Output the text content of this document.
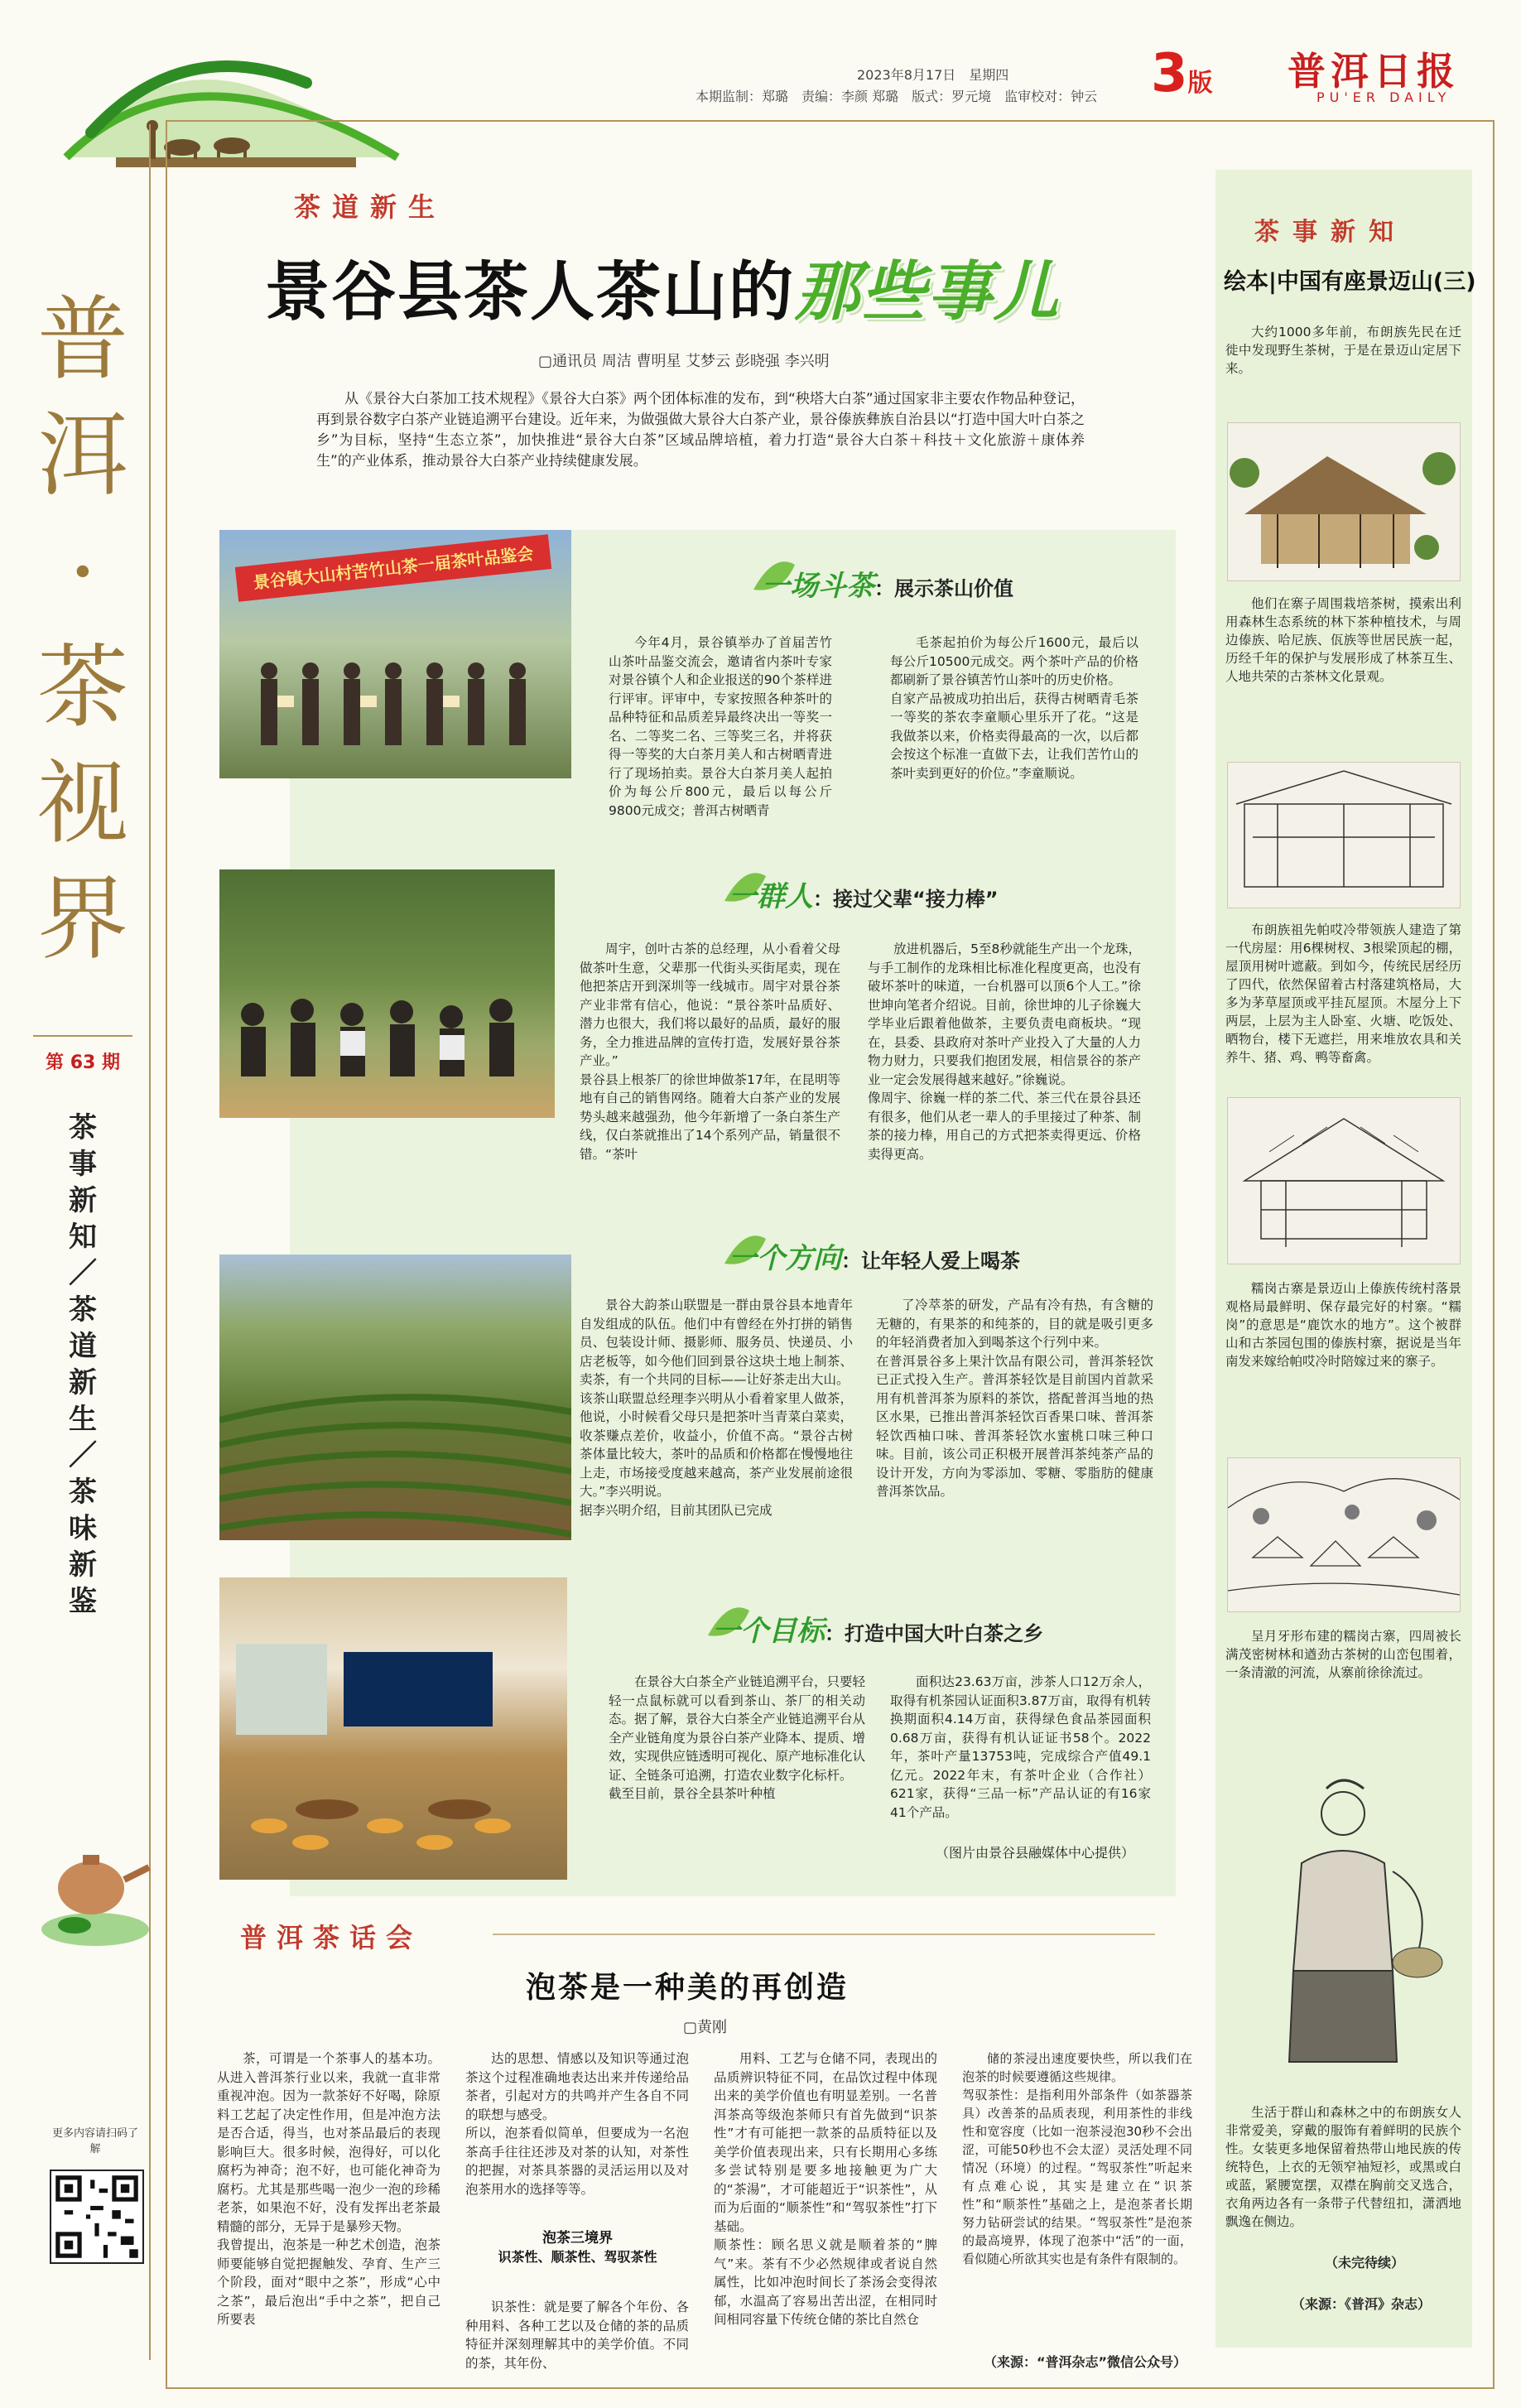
2023年8月17日　星期四
本期监制：郑璐　责编：李颜 郑璐　版式：罗元境　监审校对：钟云 3版 普洱日报
PU'ER DAILY
普
洱
·
茶
视
界
第 63 期
茶事新知／茶道新生／茶味新鉴
更多内容请扫码了解
茶道新生
景谷县茶人茶山的那些事儿
▢通讯员 周洁 曹明星 艾梦云 彭晓强 李兴明
从《景谷大白茶加工技术规程》《景谷大白茶》两个团体标准的发布，到“秧塔大白茶”通过国家非主要农作物品种登记，再到景谷数字白茶产业链追溯平台建设。近年来，为做强做大景谷大白茶产业，景谷傣族彝族自治县以“打造中国大叶白茶之乡”为目标，坚持“生态立茶”，加快推进“景谷大白茶”区域品牌培植，着力打造“景谷大白茶＋科技＋文化旅游＋康体养生”的产业体系，推动景谷大白茶产业持续健康发展。
景谷镇大山村苦竹山茶一届茶叶品鉴会	一场斗茶：展示茶山价值
今年4月，景谷镇举办了首届苦竹山茶叶品鉴交流会，邀请省内茶叶专家对景谷镇个人和企业报送的90个茶样进行评审。评审中，专家按照各种茶叶的品种特征和品质差异最终决出一等奖一名、二等奖二名、三等奖三名，并将获得一等奖的大白茶月美人和古树晒青进行了现场拍卖。景谷大白茶月美人起拍价为每公斤800元，最后以每公斤9800元成交；普洱古树晒青
毛茶起拍价为每公斤1600元，最后以每公斤10500元成交。两个茶叶产品的价格都刷新了景谷镇苦竹山茶叶的历史价格。
自家产品被成功拍出后，获得古树晒青毛茶一等奖的茶农李童顺心里乐开了花。“这是我做茶以来，价格卖得最高的一次，以后都会按这个标准一直做下去，让我们苦竹山的茶叶卖到更好的价位。”李童顺说。
一群人：接过父辈“接力棒”
周宇，创叶古茶的总经理，从小看着父母做茶叶生意，父辈那一代街头买街尾卖，现在他把茶店开到深圳等一线城市。周宇对景谷茶产业非常有信心，他说：“景谷茶叶品质好、潜力也很大，我们将以最好的品质，最好的服务，全力推进品牌的宣传打造，发展好景谷茶产业。”
景谷县上根茶厂的徐世坤做茶17年，在昆明等地有自己的销售网络。随着大白茶产业的发展势头越来越强劲，他今年新增了一条白茶生产线，仅白茶就推出了14个系列产品，销量很不错。“茶叶
放进机器后，5至8秒就能生产出一个龙珠，与手工制作的龙珠相比标准化程度更高，也没有破坏茶叶的味道，一台机器可以顶6个人工。”徐世坤向笔者介绍说。目前，徐世坤的儿子徐巍大学毕业后跟着他做茶，主要负责电商板块。“现在，县委、县政府对茶叶产业投入了大量的人力物力财力，只要我们抱团发展，相信景谷的茶产业一定会发展得越来越好。”徐巍说。
像周宇、徐巍一样的茶二代、茶三代在景谷县还有很多，他们从老一辈人的手里接过了种茶、制茶的接力棒，用自己的方式把茶卖得更远、价格卖得更高。
一个方向：让年轻人爱上喝茶
景谷大韵茶山联盟是一群由景谷县本地青年自发组成的队伍。他们中有曾经在外打拼的销售员、包装设计师、摄影师、服务员、快递员、小店老板等，如今他们回到景谷这块土地上制茶、卖茶，有一个共同的目标——让好茶走出大山。
该茶山联盟总经理李兴明从小看着家里人做茶，他说，小时候看父母只是把茶叶当青菜白菜卖，收茶赚点差价，收益小，价值不高。“景谷古树茶体量比较大，茶叶的品质和价格都在慢慢地往上走，市场接受度越来越高，茶产业发展前途很大。”李兴明说。
据李兴明介绍，目前其团队已完成
了冷萃茶的研发，产品有冷有热，有含糖的无糖的，有果茶的和纯茶的，目的就是吸引更多的年轻消费者加入到喝茶这个行列中来。
在普洱景谷多上果汁饮品有限公司，普洱茶轻饮已正式投入生产。普洱茶轻饮是目前国内首款采用有机普洱茶为原料的茶饮，搭配普洱当地的热区水果，已推出普洱茶轻饮百香果口味、普洱茶轻饮西柚口味、普洱茶轻饮水蜜桃口味三种口味。目前，该公司正积极开展普洱茶纯茶产品的设计开发，方向为零添加、零糖、零脂肪的健康普洱茶饮品。
一个目标：打造中国大叶白茶之乡
在景谷大白茶全产业链追溯平台，只要轻轻一点鼠标就可以看到茶山、茶厂的相关动态。据了解，景谷大白茶全产业链追溯平台从全产业链角度为景谷白茶产业降本、提质、增效，实现供应链透明可视化、原产地标准化认证、全链条可追溯，打造农业数字化标杆。
截至目前，景谷全县茶叶种植
面积达23.63万亩，涉茶人口12万余人，取得有机茶园认证面积3.87万亩，取得有机转换期面积4.14万亩，获得绿色食品茶园面积0.68万亩，获得有机认证证书58个。2022年，茶叶产量13753吨，完成综合产值49.1亿元。2022年末，有茶叶企业（合作社）621家，获得“三品一标”产品认证的有16家41个产品。
（图片由景谷县融媒体中心提供）
茶事新知
绘本|中国有座景迈山(三)
大约1000多年前，布朗族先民在迁徙中发现野生茶树，于是在景迈山定居下来。
他们在寨子周围栽培茶树，摸索出利用森林生态系统的林下茶种植技术，与周边傣族、哈尼族、佤族等世居民族一起，历经千年的保护与发展形成了林茶互生、人地共荣的古茶林文化景观。
布朗族祖先帕哎冷带领族人建造了第一代房屋：用6棵树杈、3根梁顶起的棚，屋顶用树叶遮蔽。到如今，传统民居经历了四代，依然保留着古村落建筑格局，大多为茅草屋顶或平挂瓦屋顶。木屋分上下两层，上层为主人卧室、火塘、吃饭处、晒物台，楼下无遮拦，用来堆放农具和关养牛、猪、鸡、鸭等畜禽。
糯岗古寨是景迈山上傣族传统村落景观格局最鲜明、保存最完好的村寨。“糯岗”的意思是“鹿饮水的地方”。这个被群山和古茶园包围的傣族村寨，据说是当年南发来嫁给帕哎冷时陪嫁过来的寨子。
呈月牙形布建的糯岗古寨，四周被长满茂密树林和遒劲古茶树的山峦包围着，一条清澈的河流，从寨前徐徐流过。
生活于群山和森林之中的布朗族女人非常爱美，穿戴的服饰有着鲜明的民族个性。女装更多地保留着热带山地民族的传统特色，上衣的无领窄袖短衫，或黑或白或蓝，紧腰宽摆，双襟在胸前交叉选合，衣角两边各有一条带子代替纽扣，潇洒地飘逸在侧边。
（未完待续）
（来源：《普洱》杂志）
普洱茶话会
泡茶是一种美的再创造
▢黄刚
茶，可谓是一个茶事人的基本功。从进入普洱茶行业以来，我就一直非常重视冲泡。因为一款茶好不好喝，除原料工艺起了决定性作用，但是冲泡方法是否合适，得当，也对茶品最后的表现影响巨大。很多时候，泡得好，可以化腐朽为神奇；泡不好，也可能化神奇为腐朽。尤其是那些喝一泡少一泡的珍稀老茶，如果泡不好，没有发挥出老茶最精髓的部分，无异于是暴殄天物。
我曾提出，泡茶是一种艺术创造，泡茶师要能够自觉把握触发、孕育、生产三个阶段，面对“眼中之茶”，形成“心中之茶”，最后泡出“手中之茶”，把自己所要表
达的思想、情感以及知识等通过泡茶这个过程准确地表达出来并传递给品茶者，引起对方的共鸣并产生各自不同的联想与感受。
所以，泡茶看似简单，但要成为一名泡茶高手往往还涉及对茶的认知，对茶性的把握，对茶具茶器的灵活运用以及对泡茶用水的选择等等。
泡茶三境界
识茶性、顺茶性、驾驭茶性
识茶性：就是要了解各个年份、各种用料、各种工艺以及仓储的茶的品质特征并深刻理解其中的美学价值。不同的茶，其年份、
用料、工艺与仓储不同，表现出的品质辨识特征不同，在品饮过程中体现出来的美学价值也有明显差别。一名普洱茶高等级泡茶师只有首先做到“识茶性”才有可能把一款茶的品质特征以及美学价值表现出来，只有长期用心多练多尝试特别是要多地接触更为广大的“茶湯”，才可能超近于“识茶性”，从而为后面的“顺茶性”和“驾驭茶性”打下基础。
顺茶性：顾名思义就是顺着茶的“脾气”来。茶有不少必然规律或者说自然属性，比如冲泡时间长了茶汤会变得浓郁，水温高了容易出苦出涩，在相同时间相同容量下传统仓储的茶比自然仓
储的茶浸出速度要快些，所以我们在泡茶的时候要遵循这些规律。
驾驭茶性：是指利用外部条件（如茶器茶具）改善茶的品质表现，利用茶性的非线性和宽容度（比如一泡茶浸泡30秒不会出涩，可能50秒也不会太涩）灵活处理不同情况（环境）的过程。“驾驭茶性”听起来有点难心说，其实是建立在“识茶性”和“顺茶性”基础之上，是泡茶者长期努力钻研尝试的结果。“驾驭茶性”是泡茶的最高境界，体现了泡茶中“活”的一面，看似随心所欲其实也是有条件有限制的。
（来源：“普洱杂志”微信公众号）
